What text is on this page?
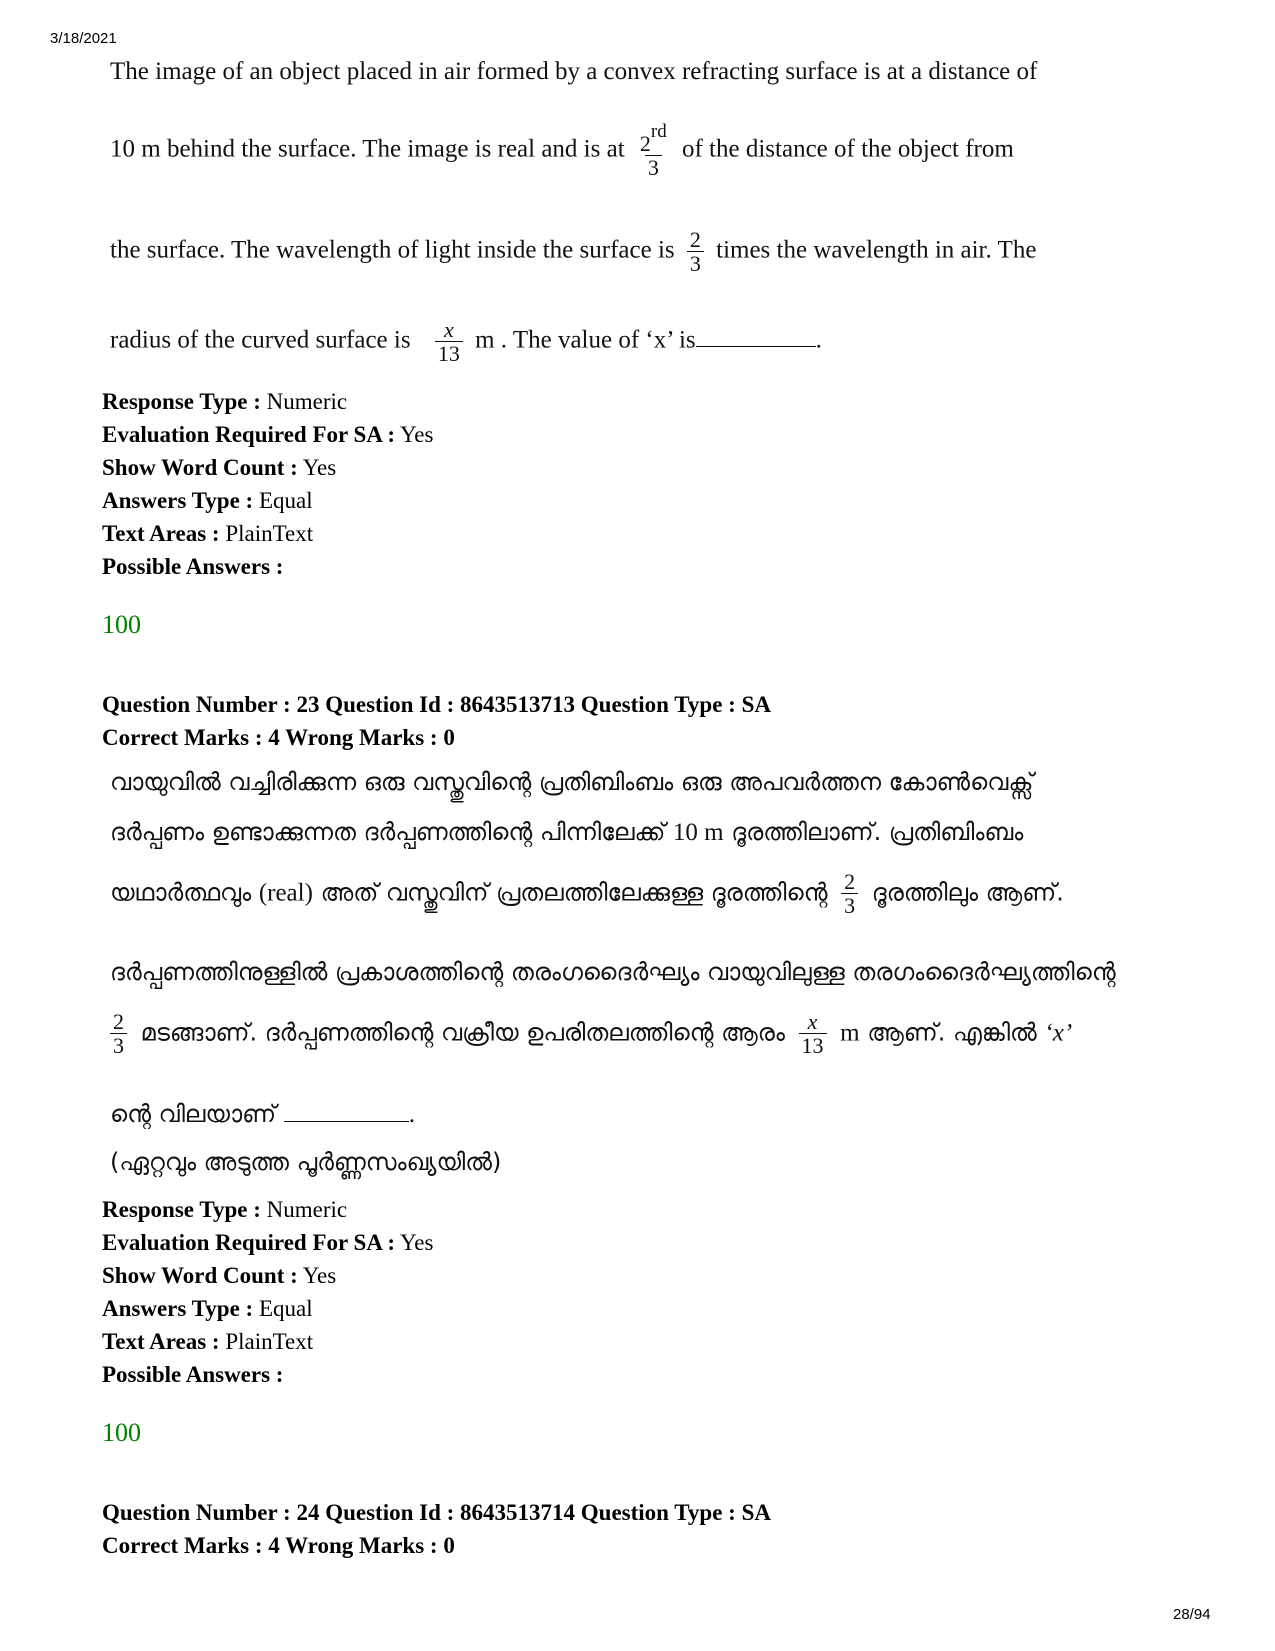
3/18/2021
The image of an object placed in air formed by a convex refracting surface is at a distance of
10 m behind the surface. The image is real and is at $\frac{2rd}{3}$ of the distance of the object from
the surface. The wavelength of light inside the surface is $\frac{2}{3}$ times the wavelength in air. The
radius of the curved surface is $\frac{x}{13}$ m . The value of ‘x’ is	.
Response Type : Numeric
Evaluation Required For SA : Yes
Show Word Count : Yes
Answers Type : Equal
Text Areas : PlainText
Possible Answers :
100
Question Number : 23 Question Id : 8643513713 Question Type : SA
Correct Marks : 4 Wrong Marks : 0
വായുവിൽ വച്ചിരിക്കുന്ന ഒരു വസ്തുവിന്റെ പ്രതിബിംബം ഒരു അപവർത്തന കോൺവെക്സ്
ദർപ്പണം ഉണ്ടാക്കുന്നത ദർപ്പണത്തിന്റെ പിന്നിലേക്ക് 10 m ദൂരത്തിലാണ്. പ്രതിബിംബം
യഥാർത്ഥവും (real) അത് വസ്തുവിന് പ്രതലത്തിലേക്കുള്ള ദൂരത്തിന്റെ $\frac{2}{3}$ ദൂരത്തിലും ആണ്.
ദർപ്പണത്തിനുള്ളിൽ പ്രകാശത്തിന്റെ തരംഗദൈർഘ്യം വായുവിലുള്ള തരഗംദൈർഘ്യത്തിന്റെ
$\frac{2}{3}$ മടങ്ങാണ്. ദർപ്പണത്തിന്റെ വക്രീയ ഉപരിതലത്തിന്റെ ആരം $\frac{x}{13}$ m ആണ്. എങ്കിൽ ‘x’
ന്റെ വിലയാണ്	.
(ഏറ്റവും അടുത്ത പൂർണ്ണസംഖ്യയിൽ)
Response Type : Numeric
Evaluation Required For SA : Yes
Show Word Count : Yes
Answers Type : Equal
Text Areas : PlainText
Possible Answers :
100
Question Number : 24 Question Id : 8643513714 Question Type : SA
Correct Marks : 4 Wrong Marks : 0
28/94
